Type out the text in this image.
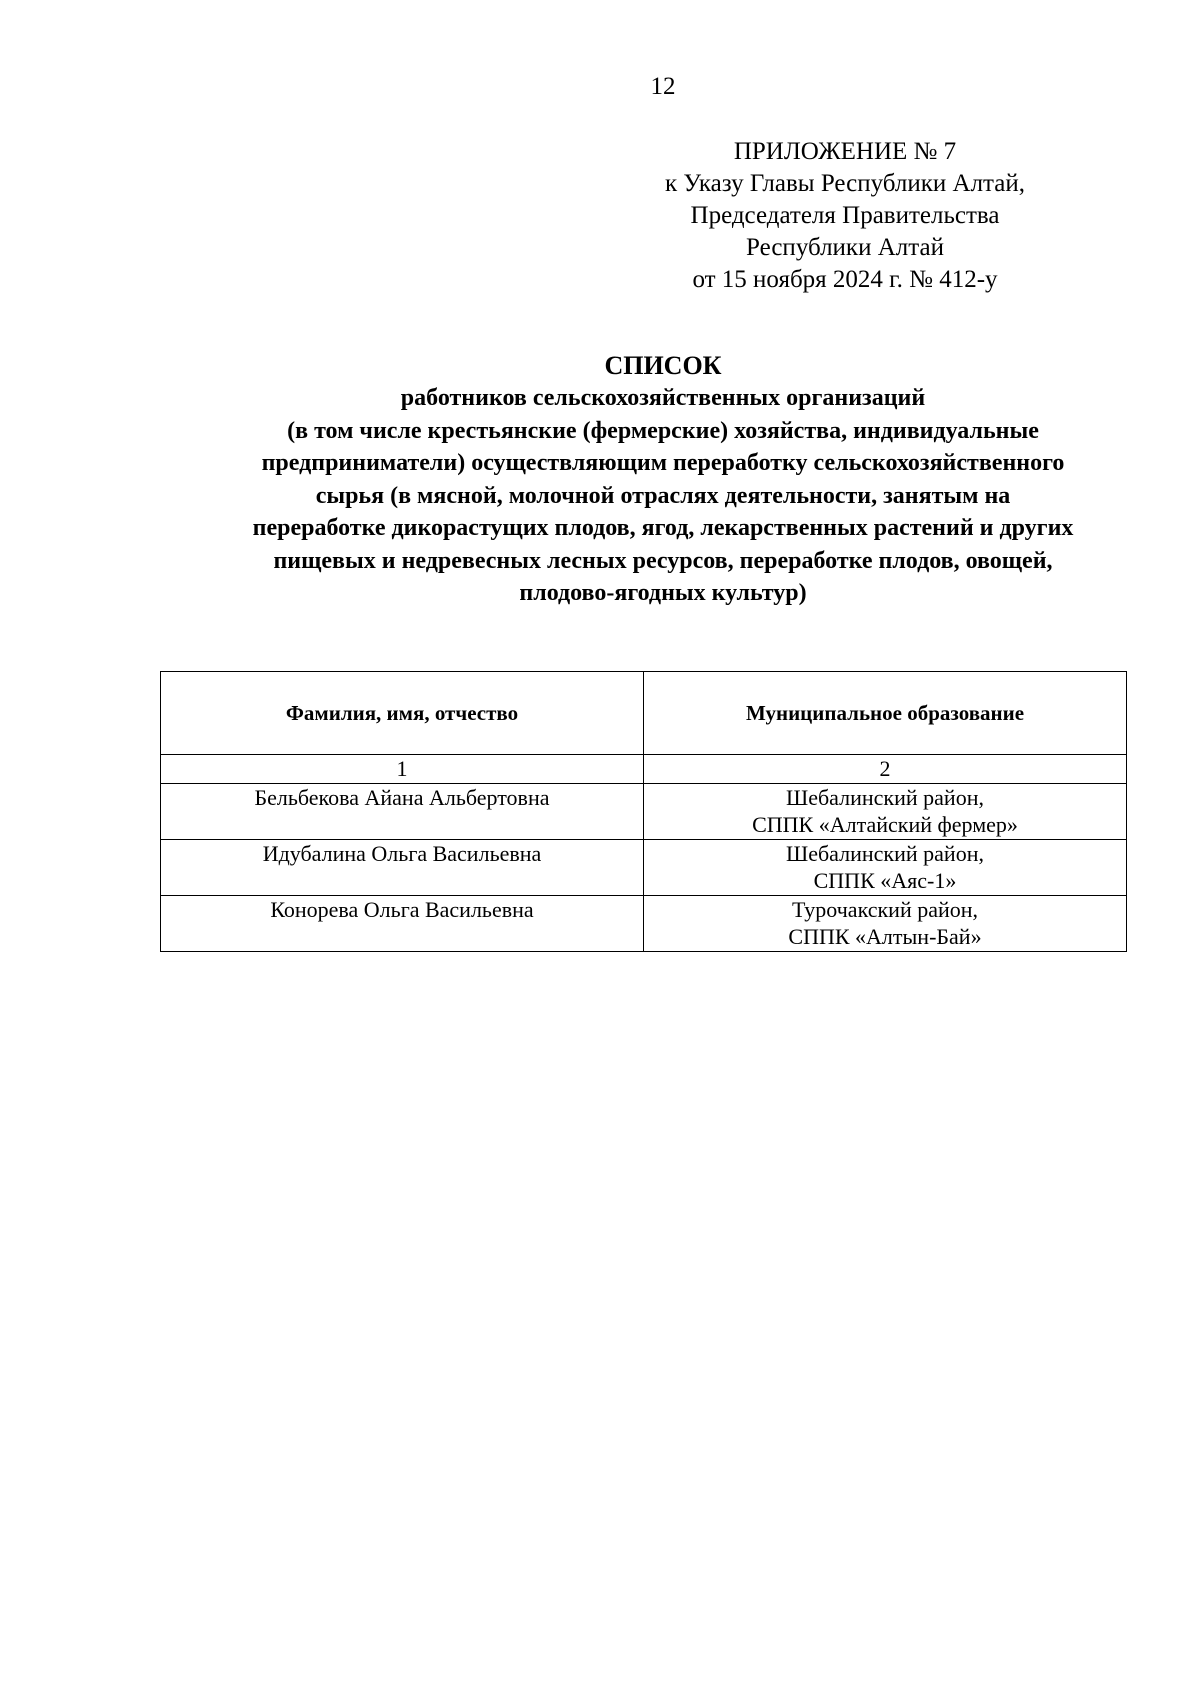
12
ПРИЛОЖЕНИЕ № 7
к Указу Главы Республики Алтай,
Председателя Правительства
Республики Алтай
от 15 ноября 2024 г. № 412-у
СПИСОК
работников сельскохозяйственных организаций
(в том числе крестьянские (фермерские) хозяйства, индивидуальные
предприниматели) осуществляющим переработку сельскохозяйственного
сырья (в мясной, молочной отраслях деятельности, занятым на
переработке дикорастущих плодов, ягод, лекарственных растений и других
пищевых и недревесных лесных ресурсов, переработке плодов, овощей,
плодово-ягодных культур)
Фамилия, имя, отчество	Муниципальное образование
1	2

Бельбекова Айана Альбертовна	Шебалинский район,
СППК «Алтайский фермер»

Идубалина Ольга Васильевна	Шебалинский район,
СППК «Аяс-1»

Конорева Ольга Васильевна	Турочакский район,
СППК «Алтын-Бай»
